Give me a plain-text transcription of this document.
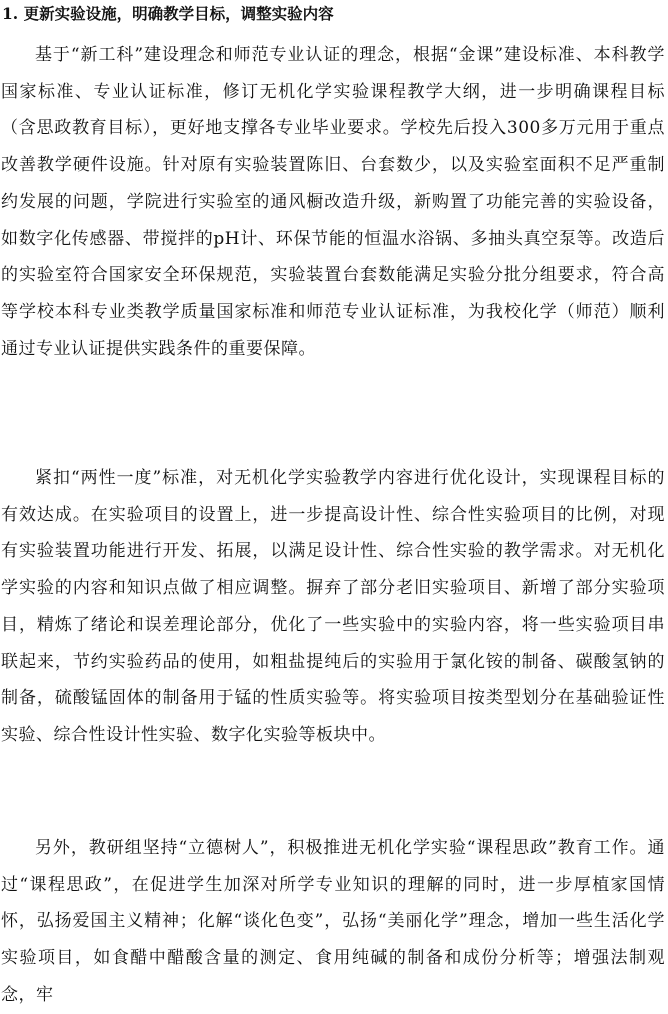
1. 更新实验设施，明确教学目标，调整实验内容

基于“新工科”建设理念和师范专业认证的理念，根据“金课”建设标准、本科教学国家标准、专业认证标准，修订无机化学实验课程教学大纲，进一步明确课程目标（含思政教育目标），更好地支撑各专业毕业要求。学校先后投入300多万元用于重点改善教学硬件设施。针对原有实验装置陈旧、台套数少，以及实验室面积不足严重制约发展的问题，学院进行实验室的通风橱改造升级，新购置了功能完善的实验设备，如数字化传感器、带搅拌的pH计、环保节能的恒温水浴锅、多抽头真空泵等。改造后的实验室符合国家安全环保规范，实验装置台套数能满足实验分批分组要求，符合高等学校本科专业类教学质量国家标准和师范专业认证标准，为我校化学（师范）顺利通过专业认证提供实践条件的重要保障。

紧扣“两性一度”标准，对无机化学实验教学内容进行优化设计，实现课程目标的有效达成。在实验项目的设置上，进一步提高设计性、综合性实验项目的比例，对现有实验装置功能进行开发、拓展，以满足设计性、综合性实验的教学需求。对无机化学实验的内容和知识点做了相应调整。摒弃了部分老旧实验项目、新增了部分实验项目，精炼了绪论和误差理论部分，优化了一些实验中的实验内容，将一些实验项目串联起来，节约实验药品的使用，如粗盐提纯后的实验用于氯化铵的制备、碳酸氢钠的制备，硫酸锰固体的制备用于锰的性质实验等。将实验项目按类型划分在基础验证性实验、综合性设计性实验、数字化实验等板块中。

另外，教研组坚持“立德树人”，积极推进无机化学实验“课程思政”教育工作。通过“课程思政”，在促进学生加深对所学专业知识的理解的同时，进一步厚植家国情怀，弘扬爱国主义精神；化解“谈化色变”，弘扬“美丽化学”理念，增加一些生活化学实验项目，如食醋中醋酸含量的测定、食用纯碱的制备和成份分析等；增强法制观念，牢
